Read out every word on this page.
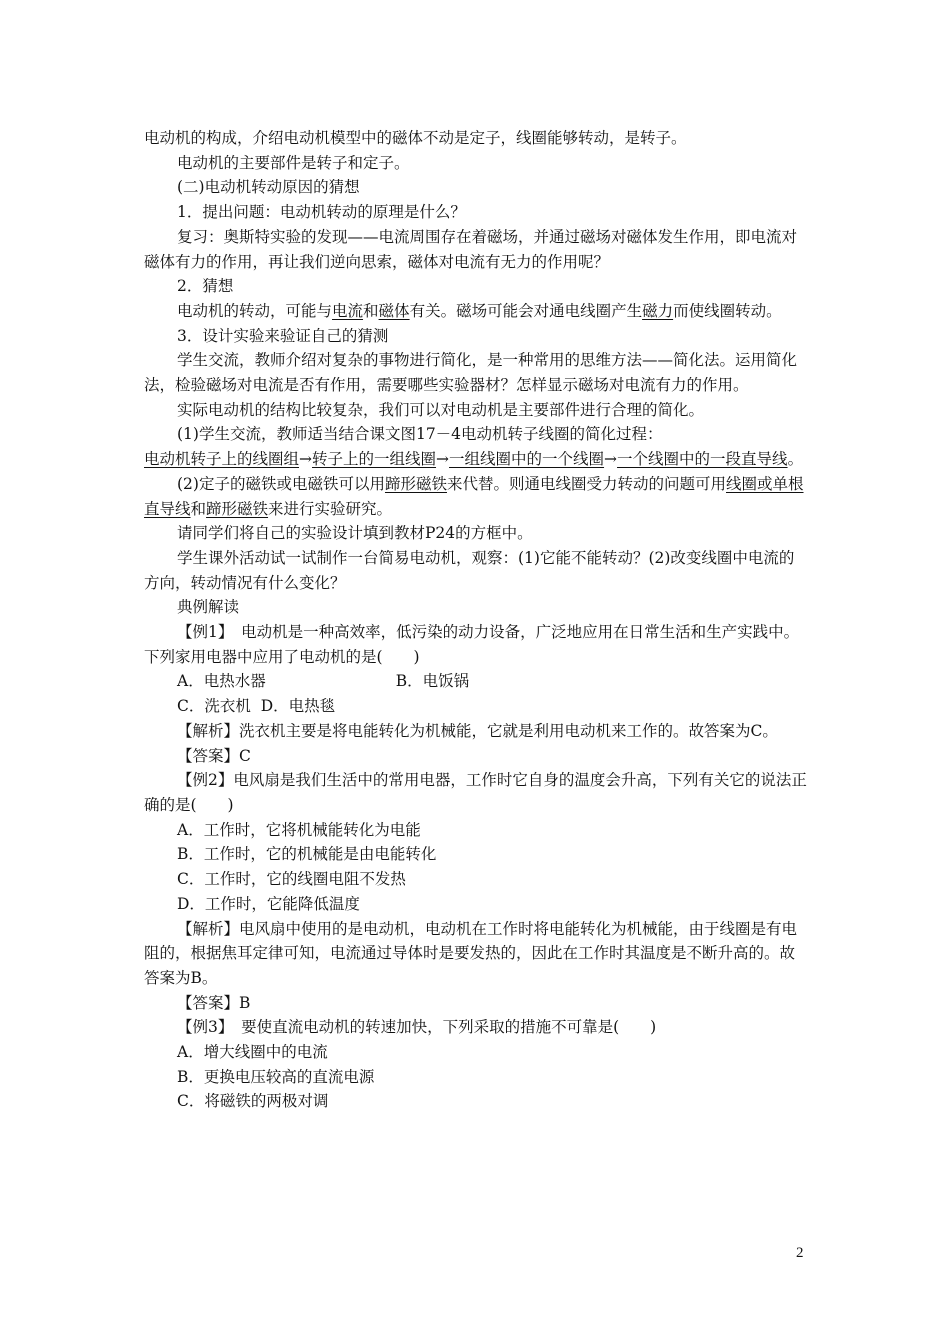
电动机的构成，介绍电动机模型中的磁体不动是定子，线圈能够转动，是转子。

电动机的主要部件是转子和定子。

(二)电动机转动原因的猜想

1．提出问题：电动机转动的原理是什么？

复习：奥斯特实验的发现——电流周围存在着磁场，并通过磁场对磁体发生作用，即电流对磁体有力的作用，再让我们逆向思索，磁体对电流有无力的作用呢？

2．猜想

电动机的转动，可能与电流和磁体有关。磁场可能会对通电线圈产生磁力而使线圈转动。

3．设计实验来验证自己的猜测

学生交流，教师介绍对复杂的事物进行简化，是一种常用的思维方法——简化法。运用简化法，检验磁场对电流是否有作用，需要哪些实验器材？怎样显示磁场对电流有力的作用。

实际电动机的结构比较复杂，我们可以对电动机是主要部件进行合理的简化。

(1)学生交流，教师适当结合课文图17－4电动机转子线圈的简化过程：

电动机转子上的线圈组→转子上的一组线圈→一组线圈中的一个线圈→一个线圈中的一段直导线。

(2)定子的磁铁或电磁铁可以用蹄形磁铁来代替。则通电线圈受力转动的问题可用线圈或单根直导线和蹄形磁铁来进行实验研究。

请同学们将自己的实验设计填到教材P24的方框中。

学生课外活动试一试制作一台简易电动机，观察：(1)它能不能转动？(2)改变线圈中电流的方向，转动情况有什么变化？

典例解读

【例1】　电动机是一种高效率，低污染的动力设备，广泛地应用在日常生活和生产实践中。下列家用电器中应用了电动机的是(　　)

A．电热水器	B．电饭锅

C．洗衣机 D．电热毯

【解析】洗衣机主要是将电能转化为机械能，它就是利用电动机来工作的。故答案为C。

【答案】C

【例2】电风扇是我们生活中的常用电器，工作时它自身的温度会升高，下列有关它的说法正确的是(　　)

A．工作时，它将机械能转化为电能

B．工作时，它的机械能是由电能转化

C．工作时，它的线圈电阻不发热

D．工作时，它能降低温度

【解析】电风扇中使用的是电动机，电动机在工作时将电能转化为机械能，由于线圈是有电阻的，根据焦耳定律可知，电流通过导体时是要发热的，因此在工作时其温度是不断升高的。故答案为B。

【答案】B

【例3】　要使直流电动机的转速加快，下列采取的措施不可靠是(　　)

A．增大线圈中的电流

B．更换电压较高的直流电源

C．将磁铁的两极对调

2
